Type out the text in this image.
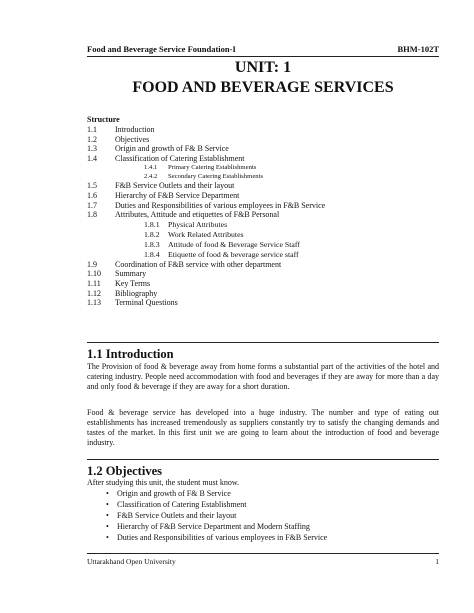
Food and Beverage Service Foundation-I	BHM-102T
UNIT: 1
FOOD AND BEVERAGE SERVICES
Structure
1.1	Introduction
1.2	Objectives
1.3	Origin and growth of F& B Service
1.4	Classification of Catering Establishment
1.4.1	Primary Catering Establishments
2.4.2	Secondary Catering Establishments
1.5	F&B Service Outlets and their layout
1.6	Hierarchy of F&B Service Department
1.7	Duties and Responsibilities of various employees in F&B Service
1.8	Attributes, Attitude and etiquettes of F&B Personal
1.8.1	Physical Attributes
1.8.2	Work Related Attributes
1.8.3	Attitude of food & Beverage Service Staff
1.8.4	Etiquette of food & beverage service staff
1.9	Coordination of F&B service with other department
1.10	Summary
1.11	Key Terms
1.12	Bibliography
1.13	Terminal Questions
1.1 Introduction
The Provision of food & beverage away from home forms a substantial part of the activities of the hotel and catering industry. People need accommodation with food and beverages if they are away for more than a day and only food & beverage if they are away for a short duration.
Food & beverage service has developed into a huge industry. The number and type of eating out establishments has increased tremendously as suppliers constantly try to satisfy the changing demands and tastes of the market. In this first unit we are going to learn about the introduction of food and beverage industry.
1.2 Objectives
After studying this unit, the student must know.
• Origin and growth of F& B Service
• Classification of Catering Establishment
• F&B Service Outlets and their layout
• Hierarchy of F&B Service Department and Modern Staffing
• Duties and Responsibilities of various employees in F&B Service
Uttarakhand Open University	1
